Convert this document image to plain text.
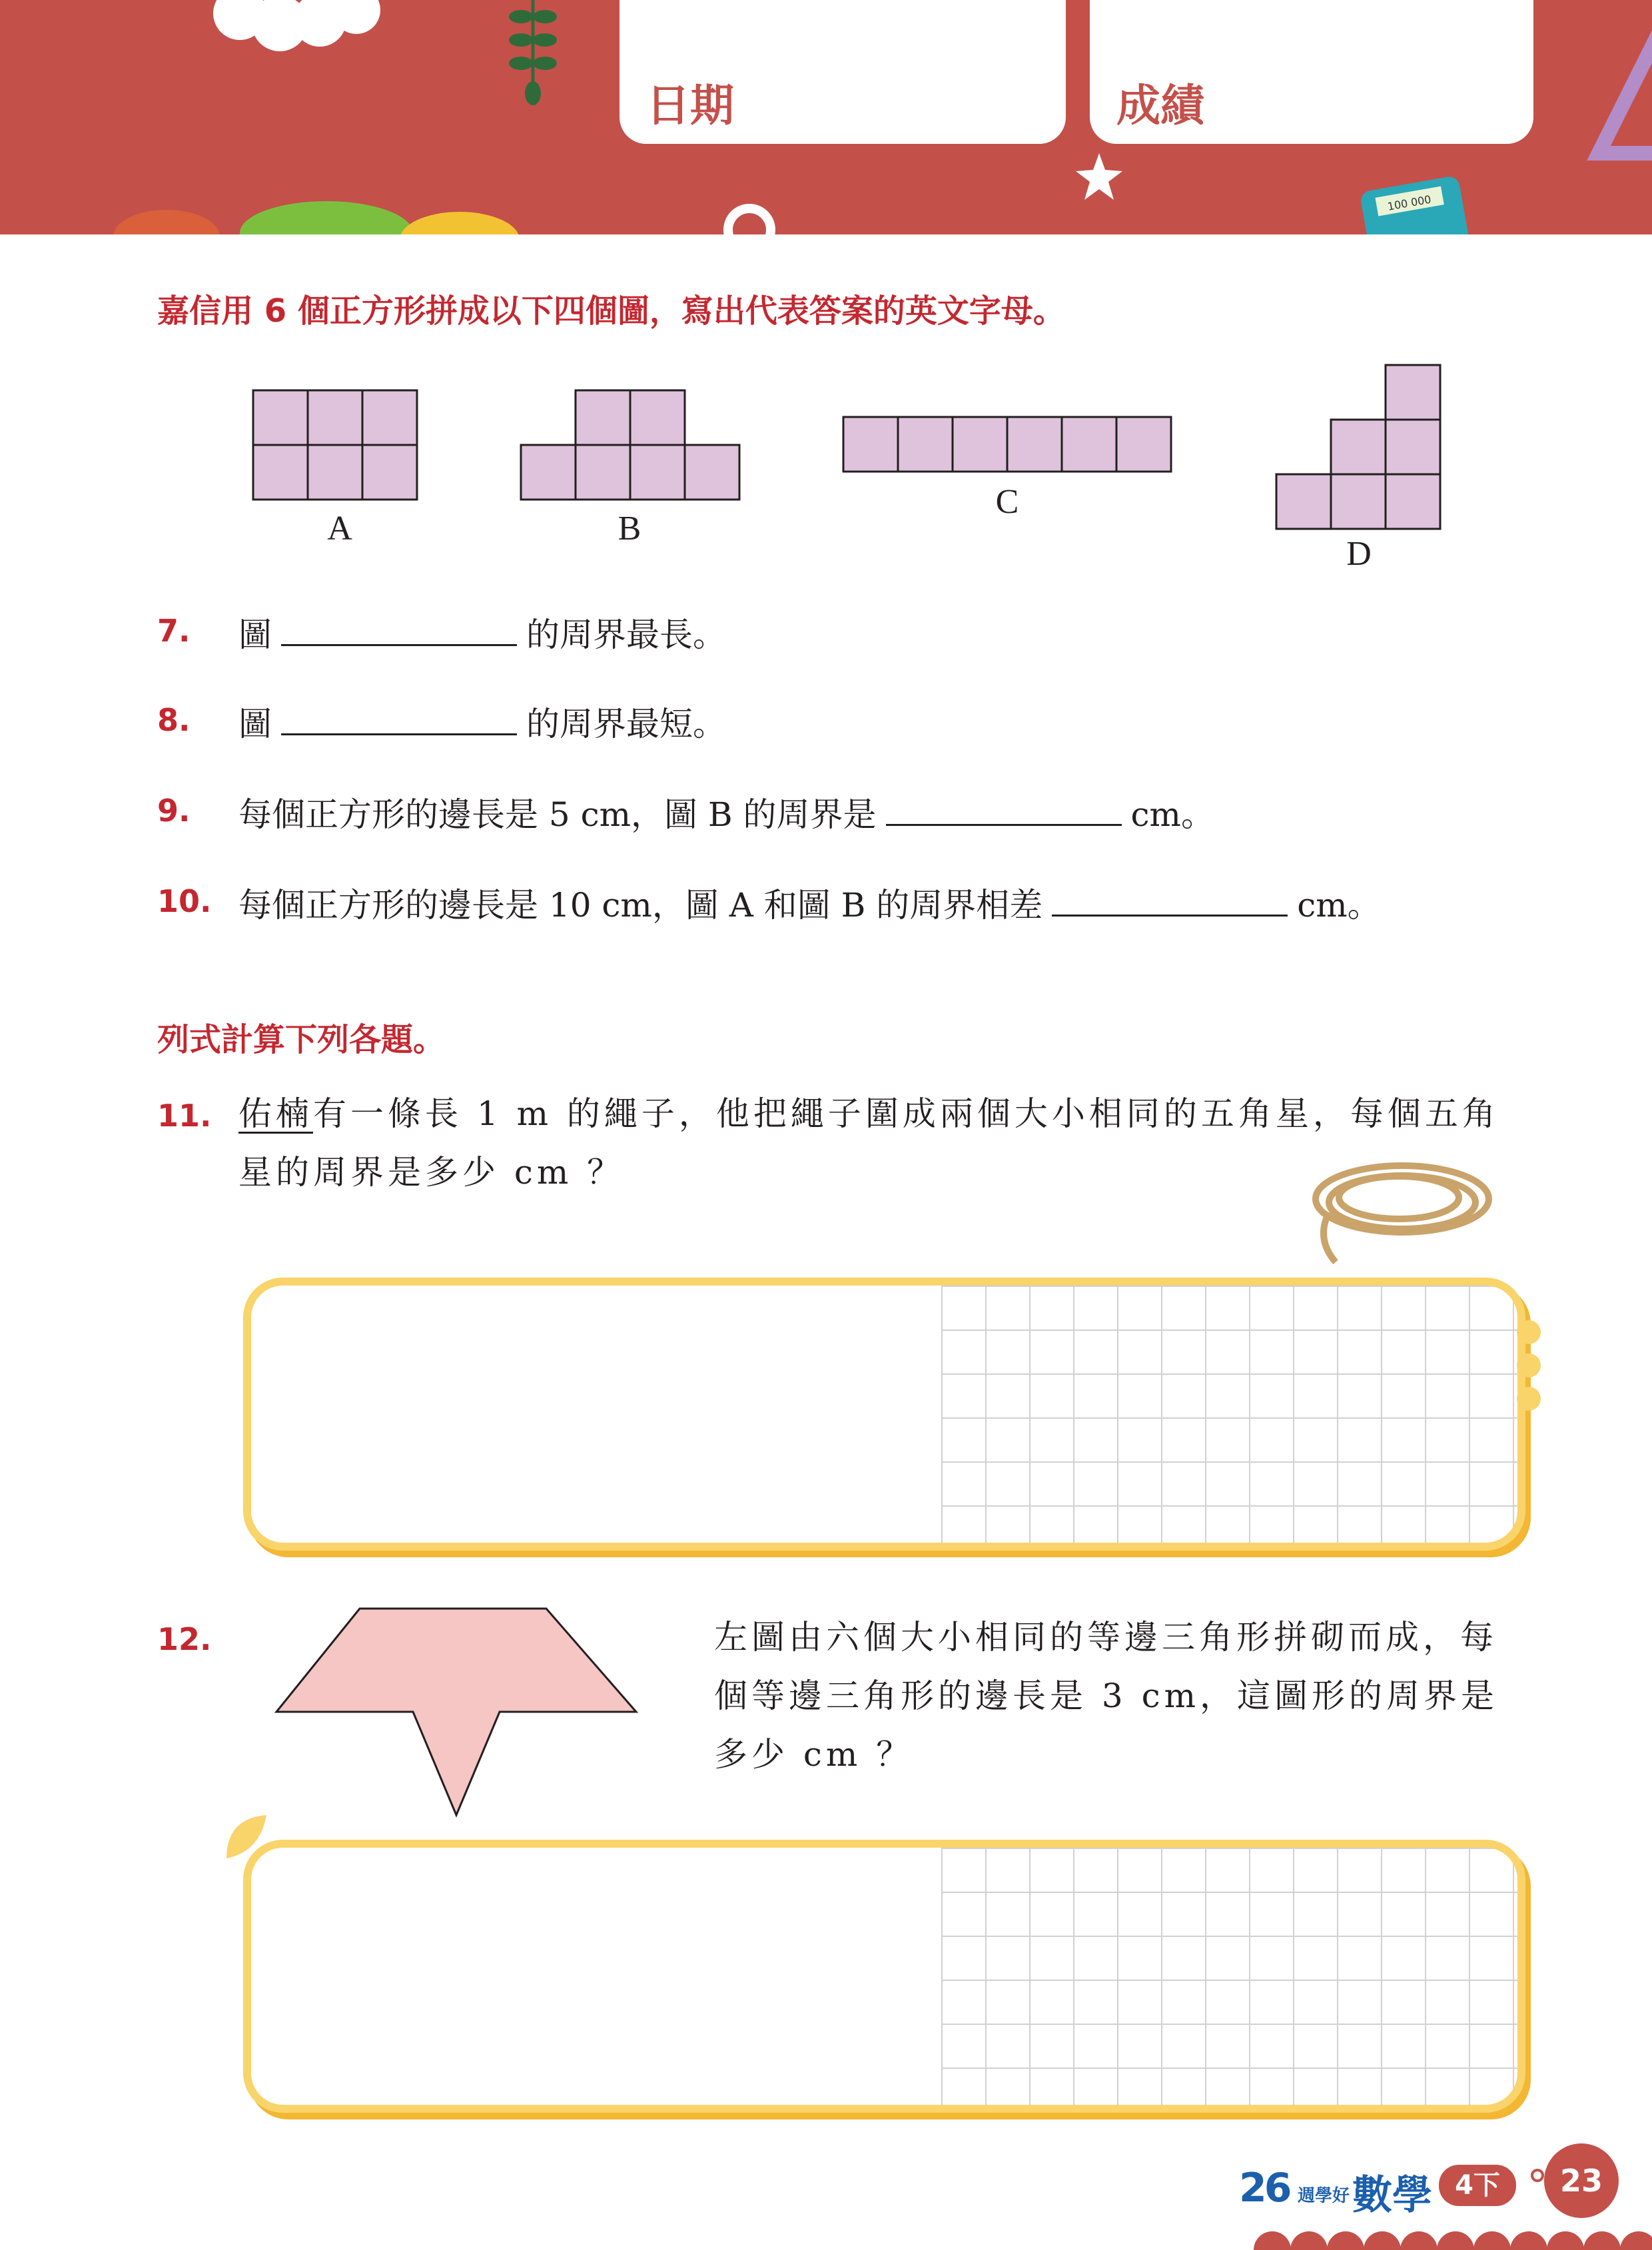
100 000
日期	成績
嘉信用 6 個正方形拼成以下四個圖，寫出代表答案的英文字母。
A	B
C
D
7. 圖	的周界最長。
8. 圖	的周界最短。
9. 每個正方形的邊長是 5 cm，圖 B 的周界是	cm。
10. 每個正方形的邊長是 10 cm，圖 A 和圖 B 的周界相差	cm。
列式計算下列各題。
11. 佑楠有一條長 1 m 的繩子，他把繩子圍成兩個大小相同的五角星，每個五角
星的周界是多少 cm ？
12.	左圖由六個大小相同的等邊三角形拼砌而成，每
個等邊三角形的邊長是 3 cm，這圖形的周界是
多少 cm ？
26 週學好 數學 4下	23
